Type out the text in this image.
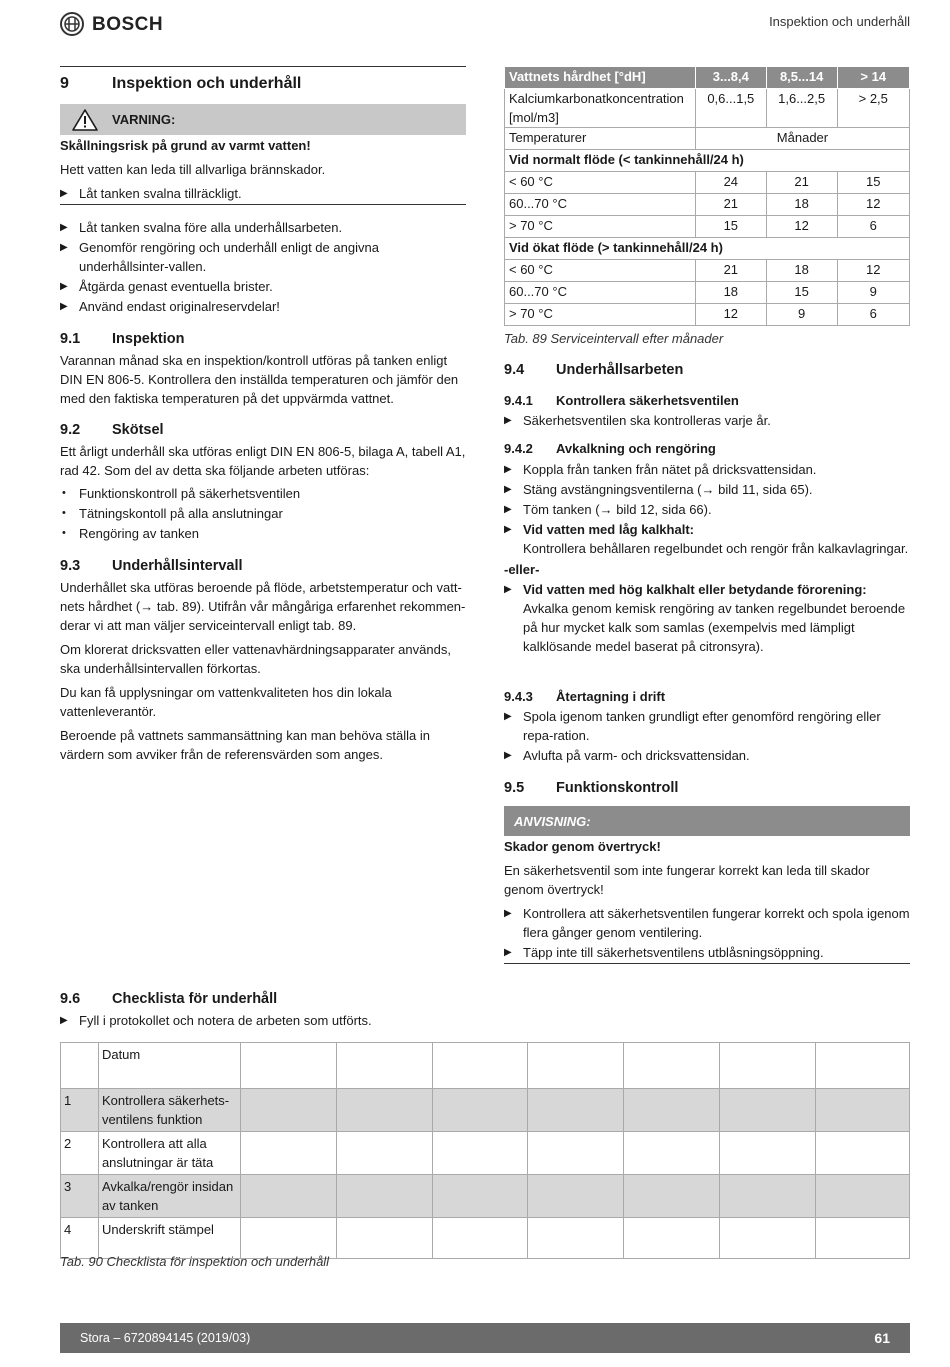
BOSCH	Inspektion och underhåll
9	Inspektion och underhåll
VARNING:

Skållningsrisk på grund av varmt vatten!

Hett vatten kan leda till allvarliga brännskador.

▶ Låt tanken svalna tillräckligt.
▶ Låt tanken svalna före alla underhållsarbeten.
▶ Genomför rengöring och underhåll enligt de angivna underhållsinter-vallen.
▶ Åtgärda genast eventuella brister.
▶ Använd endast originalreservdelar!
9.1 Inspektion

Varannan månad ska en inspektion/kontroll utföras på tanken enligt DIN EN 806-5. Kontrollera den inställda temperaturen och jämför den med den faktiska temperaturen på det uppvärmda vattnet.

9.2 Skötsel

Ett årligt underhåll ska utföras enligt DIN EN 806-5, bilaga A, tabell A1, rad 42. Som del av detta ska följande arbeten utföras:

• Funktionskontroll på säkerhetsventilen
• Tätningskontoll på alla anslutningar
• Rengöring av tanken
9.3 Underhållsintervall

Underhållet ska utföras beroende på flöde, arbetstemperatur och vatt-nets hårdhet (→ tab. 89). Utifrån vår mångåriga erfarenhet rekommen-derar vi att man väljer serviceintervall enligt tab. 89.

Om klorerat dricksvatten eller vattenavhärdningsapparater används, ska underhållsintervallen förkortas.

Du kan få upplysningar om vattenkvaliteten hos din lokala vattenleverantör.

Beroende på vattnets sammansättning kan man behöva ställa in värdern som avviker från de referensvärden som anges.

Vattnets hårdhet [°dH]	3...8,4	8,5...14	> 14
Kalciumkarbonatkoncentration [mol/m3]	0,6...1,5	1,6...2,5	> 2,5
Temperaturer	Månader		
Vid normalt flöde (< tankinnehåll/24 h)			
< 60 °C	24	21	15
60...70 °C	21	18	12
> 70 °C	15	12	6
Vid ökat flöde (> tankinnehåll/24 h)			
< 60 °C	21	18	12
60...70 °C	18	15	9
> 70 °C	12	9	6
Tab. 89 Serviceintervall efter månader
9.4 Underhållsarbeten
9.4.1 Kontrollera säkerhetsventilen
▶ Säkerhetsventilen ska kontrolleras varje år.
9.4.2 Avkalkning och rengöring
▶ Koppla från tanken från nätet på dricksvattensidan.
▶ Stäng avstängningsventilerna (→ bild 11, sida 65).
▶ Töm tanken (→ bild 12, sida 66).
▶ Vid vatten med låg kalkhalt:
Kontrollera behållaren regelbundet och rengör från kalkavlagringar.
-eller-
▶ Vid vatten med hög kalkhalt eller betydande förorening:
Avkalka genom kemisk rengöring av tanken regelbundet beroende på hur mycket kalk som samlas (exempelvis med lämpligt kalklösande medel baserat på citronsyra).
9.4.3 Återtagning i drift
▶ Spola igenom tanken grundligt efter genomförd rengöring eller repa-ration.
▶ Avlufta på varm- och dricksvattensidan.
9.5 Funktionskontroll
ANVISNING:

Skador genom övertryck!

En säkerhetsventil som inte fungerar korrekt kan leda till skador genom övertryck!

▶ Kontrollera att säkerhetsventilen fungerar korrekt och spola igenom flera gånger genom ventilering.
▶ Täpp inte till säkerhetsventilens utblåsningsöppning.
9.6 Checklista för underhåll
▶ Fyll i protokollet och notera de arbeten som utförts.
	Datum							
1	Kontrollera säkerhets-ventilens funktion							
2	Kontrollera att alla anslutningar är täta							
3	Avkalka/rengör insidan av tanken							
4	Underskrift stämpel							
Tab. 90 Checklista för inspektion och underhåll
Stora – 6720894145 (2019/03)	61
